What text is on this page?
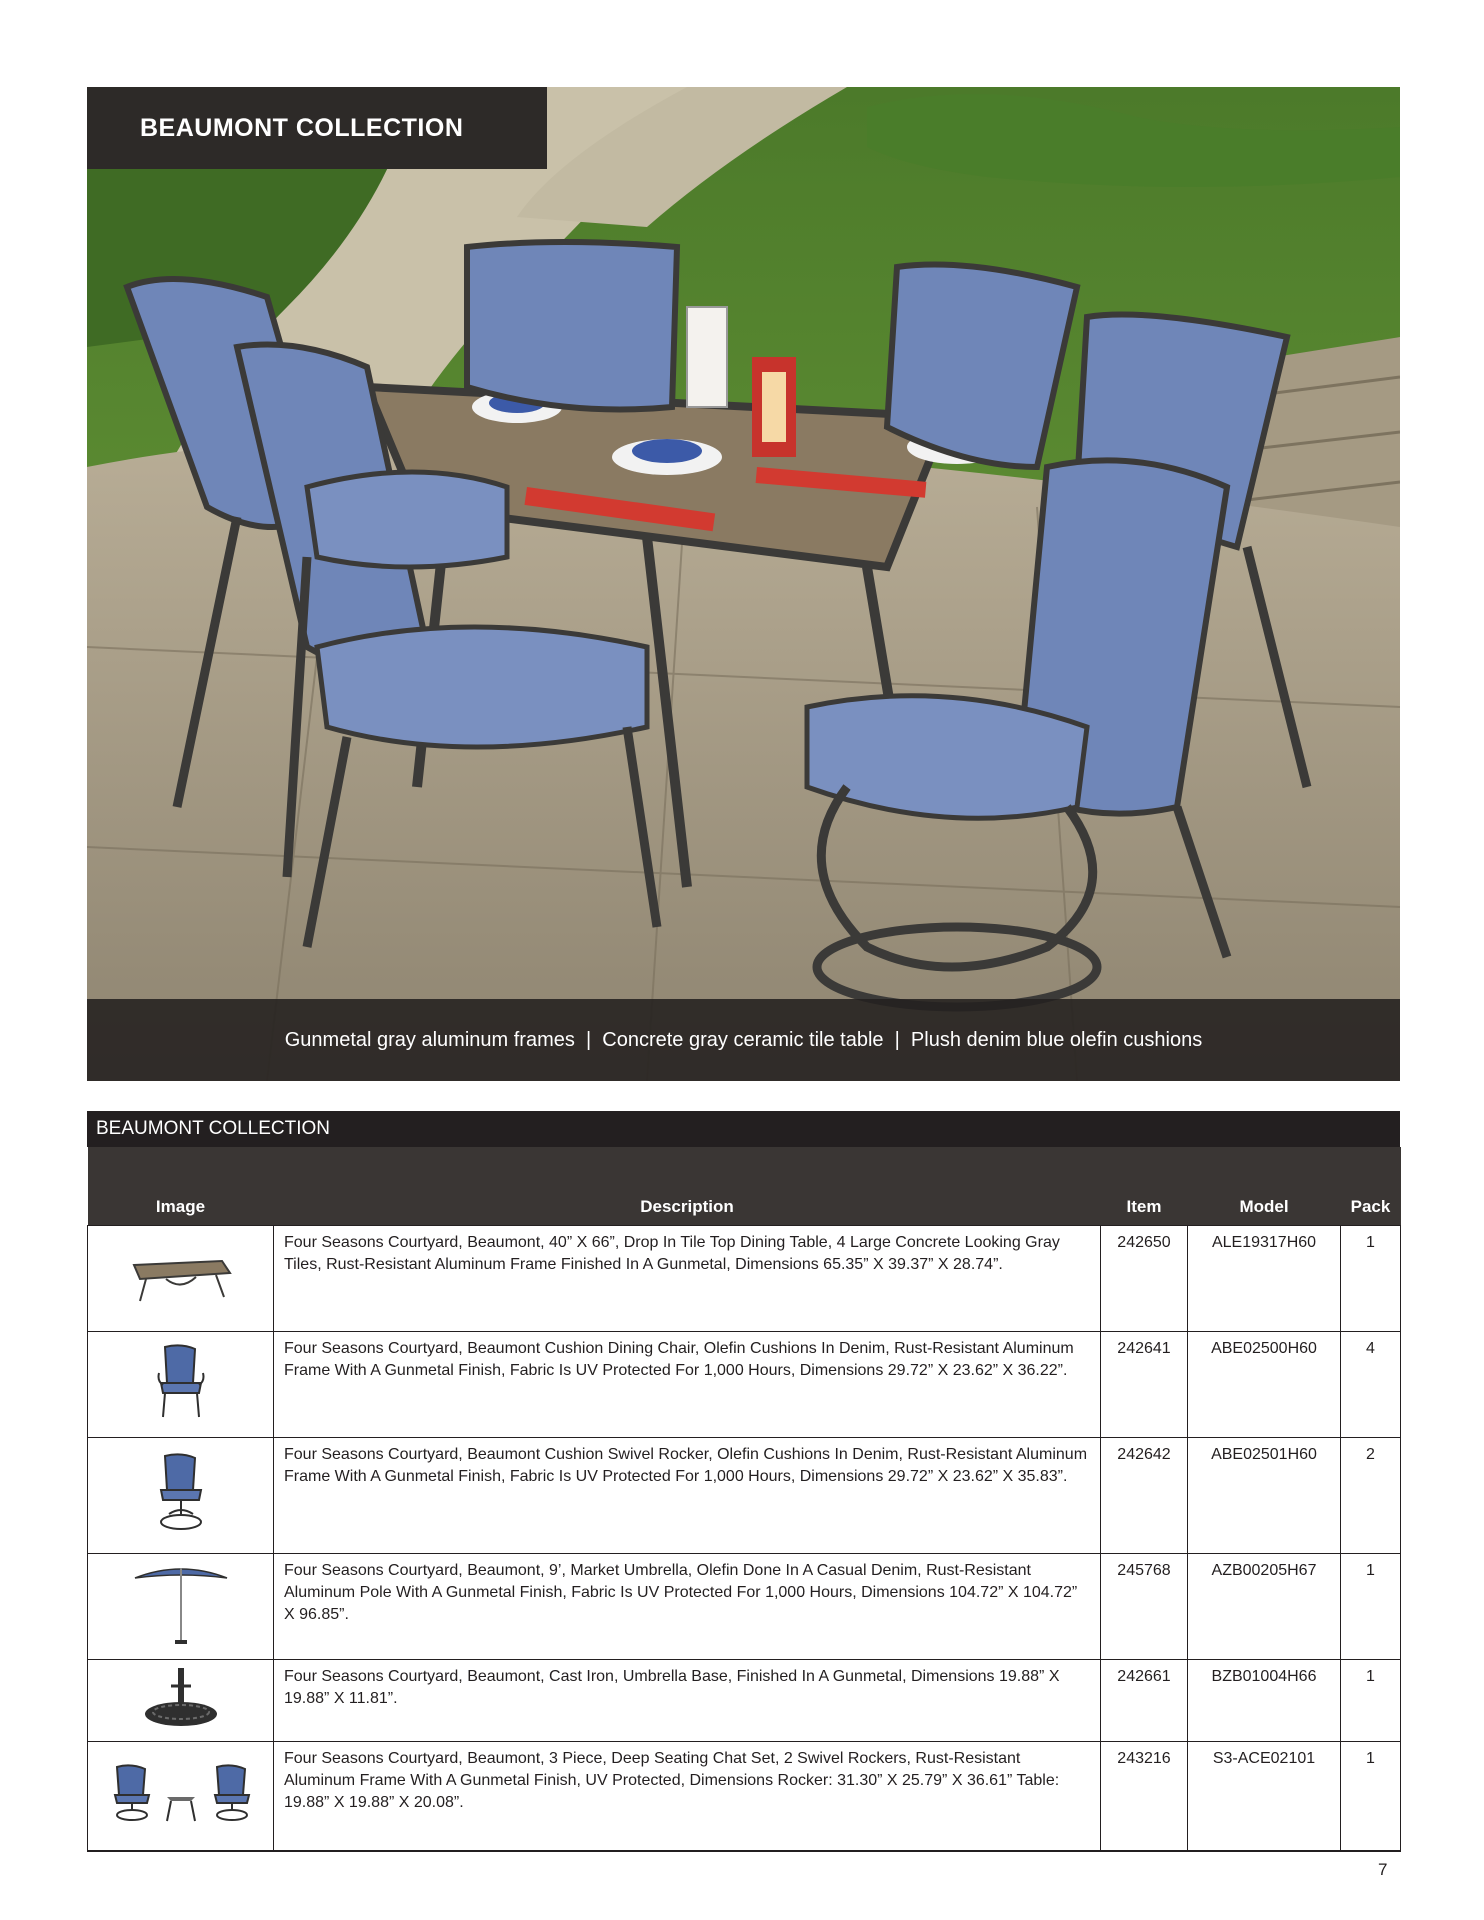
BEAUMONT COLLECTION
Gunmetal gray aluminum frames  |  Concrete gray ceramic tile table  |  Plush denim blue olefin cushions
BEAUMONT COLLECTION
Image	Description	Item	Model	Pack
	Four Seasons Courtyard, Beaumont, 40” X 66”, Drop In Tile Top Dining Table, 4 Large Concrete Looking Gray Tiles, Rust-Resistant Aluminum Frame Finished In A Gunmetal, Dimensions 65.35” X 39.37” X 28.74”.	242650	ALE19317H60	1
	Four Seasons Courtyard, Beaumont Cushion Dining Chair, Olefin Cushions In Denim, Rust-Resistant Aluminum Frame With A Gunmetal Finish, Fabric Is UV Protected For 1,000 Hours, Dimensions 29.72” X 23.62” X 36.22”.	242641	ABE02500H60	4
	Four Seasons Courtyard, Beaumont Cushion Swivel Rocker, Olefin Cushions In Denim, Rust-Resistant Aluminum Frame With A Gunmetal Finish, Fabric Is UV Protected For 1,000 Hours, Dimensions 29.72” X 23.62” X 35.83”.	242642	ABE02501H60	2
	Four Seasons Courtyard, Beaumont, 9’, Market Umbrella, Olefin Done In A Casual Denim, Rust-Resistant Aluminum Pole With A Gunmetal Finish, Fabric Is UV Protected For 1,000 Hours, Dimensions 104.72” X 104.72” X 96.85”.	245768	AZB00205H67	1
	Four Seasons Courtyard, Beaumont, Cast Iron, Umbrella Base, Finished In A Gunmetal, Dimensions 19.88” X 19.88” X 11.81”.	242661	BZB01004H66	1
	Four Seasons Courtyard, Beaumont, 3 Piece, Deep Seating Chat Set, 2 Swivel Rockers, Rust-Resistant Aluminum Frame With A Gunmetal Finish, UV Protected, Dimensions Rocker: 31.30” X 25.79” X 36.61” Table: 19.88” X 19.88” X 20.08”.	243216	S3-ACE02101	1
7
